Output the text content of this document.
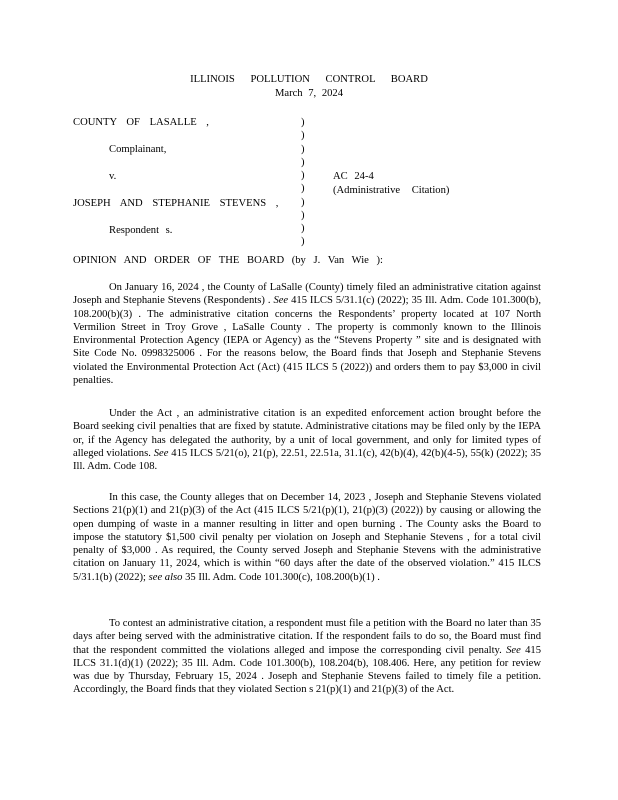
ILLINOIS POLLUTION CONTROL BOARD
March 7, 2024
COUNTY OF LASALLE ,
Complainant,
v.
JOSEPH AND STEPHANIE STEVENS ,
Respondent s.
)
)
)
)
)
)
)
)
)
)
AC 24-4
(Administrative Citation)
OPINION AND ORDER OF THE BOARD (by J. Van Wie ):

On January 16, 2024 , the County of LaSalle (County) timely filed an administrative citation against Joseph and Stephanie Stevens (Respondents) . See 415 ILCS 5/31.1(c) (2022); 35 Ill. Adm. Code 101.300(b), 108.200(b)(3) . The administrative citation concerns the Respondents’ property located at 107 North Vermilion Street in Troy Grove , LaSalle County . The property is commonly known to the Illinois Environmental Protection Agency (IEPA or Agency) as the “Stevens Property ” site and is designated with Site Code No. 0998325006 . For the reasons below, the Board finds that Joseph and Stephanie Stevens violated the Environmental Protection Act (Act) (415 ILCS 5 (2022)) and orders them to pay $3,000 in civil penalties.

Under the Act , an administrative citation is an expedited enforcement action brought before the Board seeking civil penalties that are fixed by statute. Administrative citations may be filed only by the IEPA or, if the Agency has delegated the authority, by a unit of local government, and only for limited types of alleged violations. See 415 ILCS 5/21(o), 21(p), 22.51, 22.51a, 31.1(c), 42(b)(4), 42(b)(4-5), 55(k) (2022); 35 Ill. Adm. Code 108.

In this case, the County alleges that on December 14, 2023 , Joseph and Stephanie Stevens violated Sections 21(p)(1) and 21(p)(3) of the Act (415 ILCS 5/21(p)(1), 21(p)(3) (2022)) by causing or allowing the open dumping of waste in a manner resulting in litter and open burning . The County asks the Board to impose the statutory $1,500 civil penalty per violation on Joseph and Stephanie Stevens , for a total civil penalty of $3,000 . As required, the County served Joseph and Stephanie Stevens with the administrative citation on January 11, 2024, which is within “60 days after the date of the observed violation.” 415 ILCS 5/31.1(b) (2022); see also 35 Ill. Adm. Code 101.300(c), 108.200(b)(1) .

To contest an administrative citation, a respondent must file a petition with the Board no later than 35 days after being served with the administrative citation. If the respondent fails to do so, the Board must find that the respondent committed the violations alleged and impose the corresponding civil penalty. See 415 ILCS 31.1(d)(1) (2022); 35 Ill. Adm. Code 101.300(b), 108.204(b), 108.406. Here, any petition for review was due by Thursday, February 15, 2024 . Joseph and Stephanie Stevens failed to timely file a petition. Accordingly, the Board finds that they violated Section s 21(p)(1) and 21(p)(3) of the Act.
